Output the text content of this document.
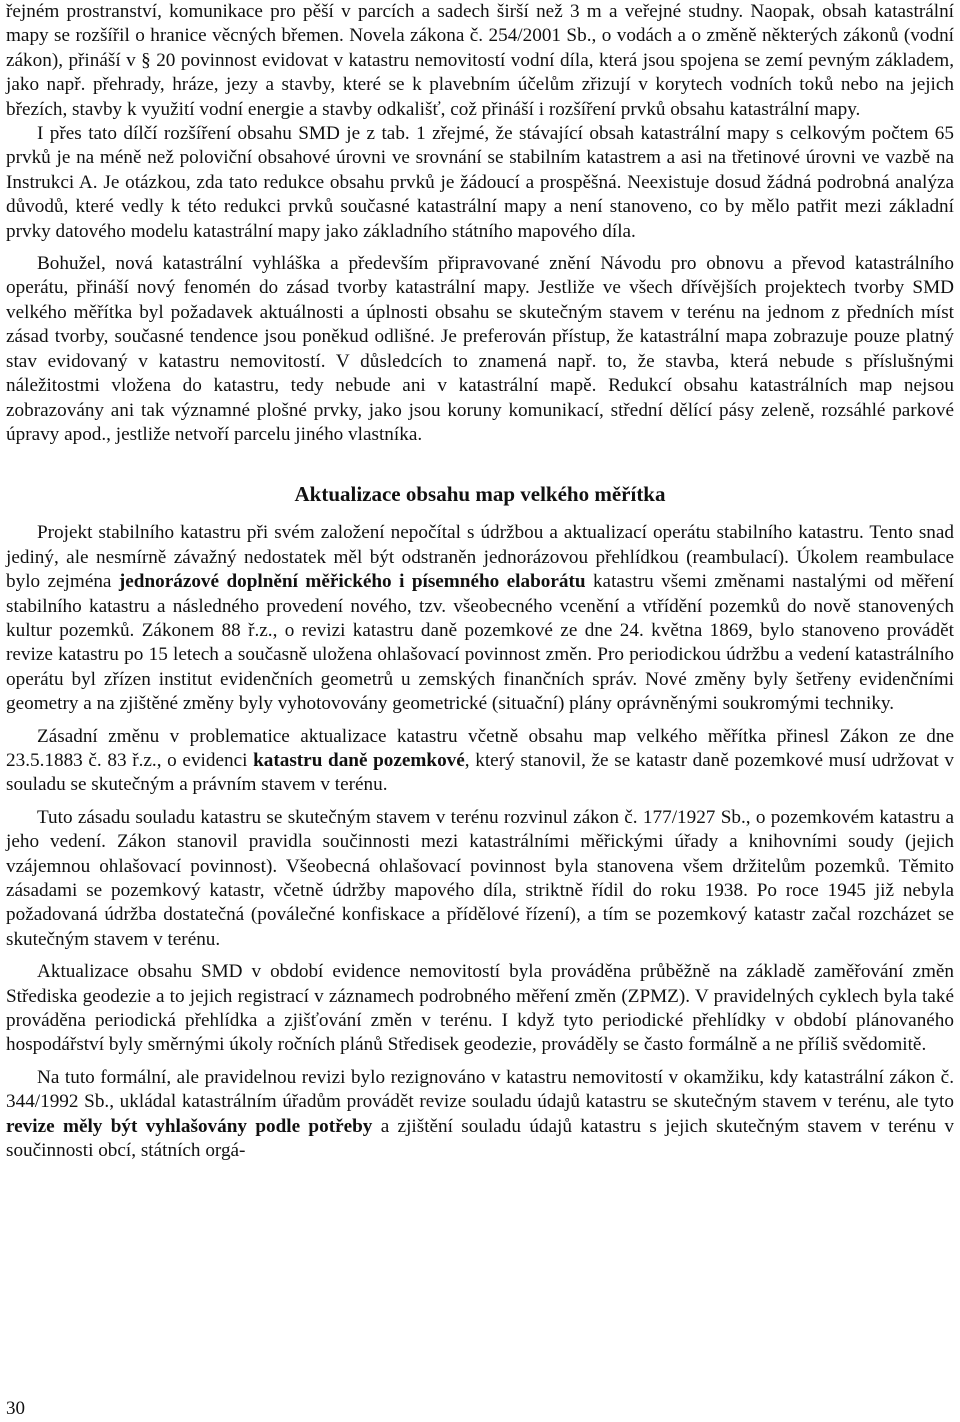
řejném prostranství, komunikace pro pěší v parcích a sadech širší než 3 m a veřejné studny. Naopak, obsah katastrální mapy se rozšířil o hranice věcných břemen. Novela zákona č. 254/2001 Sb., o vodách a o změně některých zákonů (vodní zákon), přináší v § 20 povinnost evidovat v katastru nemovitostí vodní díla, která jsou spojena se zemí pevným základem, jako např. přehrady, hráze, jezy a stavby, které se k plavebním účelům zřizují v korytech vodních toků nebo na jejich březích, stavby k využití vodní energie a stavby odkališť, což přináší i rozšíření prvků obsahu katastrální mapy.

I přes tato dílčí rozšíření obsahu SMD je z tab. 1 zřejmé, že stávající obsah katastrální mapy s celkovým počtem 65 prvků je na méně než poloviční obsahové úrovni ve srovnání se stabilním katastrem a asi na třetinové úrovni ve vazbě na Instrukci A. Je otázkou, zda tato redukce obsahu prvků je žádoucí a prospěšná. Neexistuje dosud žádná podrobná analýza důvodů, které vedly k této redukci prvků současné katastrální mapy a není stanoveno, co by mělo patřit mezi základní prvky datového modelu katastrální mapy jako základního státního mapového díla.

Bohužel, nová katastrální vyhláška a především připravované znění Návodu pro obnovu a převod katastrálního operátu, přináší nový fenomén do zásad tvorby katastrální mapy. Jestliže ve všech dřívějších projektech tvorby SMD velkého měřítka byl požadavek aktuálnosti a úplnosti obsahu se skutečným stavem v terénu na jednom z předních míst zásad tvorby, současné tendence jsou poněkud odlišné. Je preferován přístup, že katastrální mapa zobrazuje pouze platný stav evidovaný v katastru nemovitostí. V důsledcích to znamená např. to, že stavba, která nebude s příslušnými náležitostmi vložena do katastru, tedy nebude ani v katastrální mapě. Redukcí obsahu katastrálních map nejsou zobrazovány ani tak významné plošné prvky, jako jsou koruny komunikací, střední dělící pásy zeleně, rozsáhlé parkové úpravy apod., jestliže netvoří parcelu jiného vlastníka.

Aktualizace obsahu map velkého měřítka

Projekt stabilního katastru při svém založení nepočítal s údržbou a aktualizací operátu stabilního katastru. Tento snad jediný, ale nesmírně závažný nedostatek měl být odstraněn jednorázovou přehlídkou (reambulací). Úkolem reambulace bylo zejména jednorázové doplnění měřického i písemného elaborátu katastru všemi změnami nastalými od měření stabilního katastru a následného provedení nového, tzv. všeobecného vcenění a vtřídění pozemků do nově stanovených kultur pozemků. Zákonem 88 ř.z., o revizi katastru daně pozemkové ze dne 24. května 1869, bylo stanoveno provádět revize katastru po 15 letech a současně uložena ohlašovací povinnost změn. Pro periodickou údržbu a vedení katastrálního operátu byl zřízen institut evidenčních geometrů u zemských finančních správ. Nové změny byly šetřeny evidenčními geometry a na zjištěné změny byly vyhotovovány geometrické (situační) plány oprávněnými soukromými techniky.

Zásadní změnu v problematice aktualizace katastru včetně obsahu map velkého měřítka přinesl Zákon ze dne 23.5.1883 č. 83 ř.z., o evidenci katastru daně pozemkové, který stanovil, že se katastr daně pozemkové musí udržovat v souladu se skutečným a právním stavem v terénu.

Tuto zásadu souladu katastru se skutečným stavem v terénu rozvinul zákon č. 177/1927 Sb., o pozemkovém katastru a jeho vedení. Zákon stanovil pravidla součinnosti mezi katastrálními měřickými úřady a knihovními soudy (jejich vzájemnou ohlašovací povinnost). Všeobecná ohlašovací povinnost byla stanovena všem držitelům pozemků. Těmito zásadami se pozemkový katastr, včetně údržby mapového díla, striktně řídil do roku 1938. Po roce 1945 již nebyla požadovaná údržba dostatečná (poválečné konfiskace a přídělové řízení), a tím se pozemkový katastr začal rozcházet se skutečným stavem v terénu.

Aktualizace obsahu SMD v období evidence nemovitostí byla prováděna průběžně na základě zaměřování změn Střediska geodezie a to jejich registrací v záznamech podrobného měření změn (ZPMZ). V pravidelných cyklech byla také prováděna periodická přehlídka a zjišťování změn v terénu. I když tyto periodické přehlídky v období plánovaného hospodářství byly směrnými úkoly ročních plánů Středisek geodezie, prováděly se často formálně a ne příliš svědomitě.

Na tuto formální, ale pravidelnou revizi bylo rezignováno v katastru nemovitostí v okamžiku, kdy katastrální zákon č. 344/1992 Sb., ukládal katastrálním úřadům provádět revize souladu údajů katastru se skutečným stavem v terénu, ale tyto revize měly být vyhlašovány podle potřeby a zjištění souladu údajů katastru s jejich skutečným stavem v terénu v součinnosti obcí, státních orgá-

30
